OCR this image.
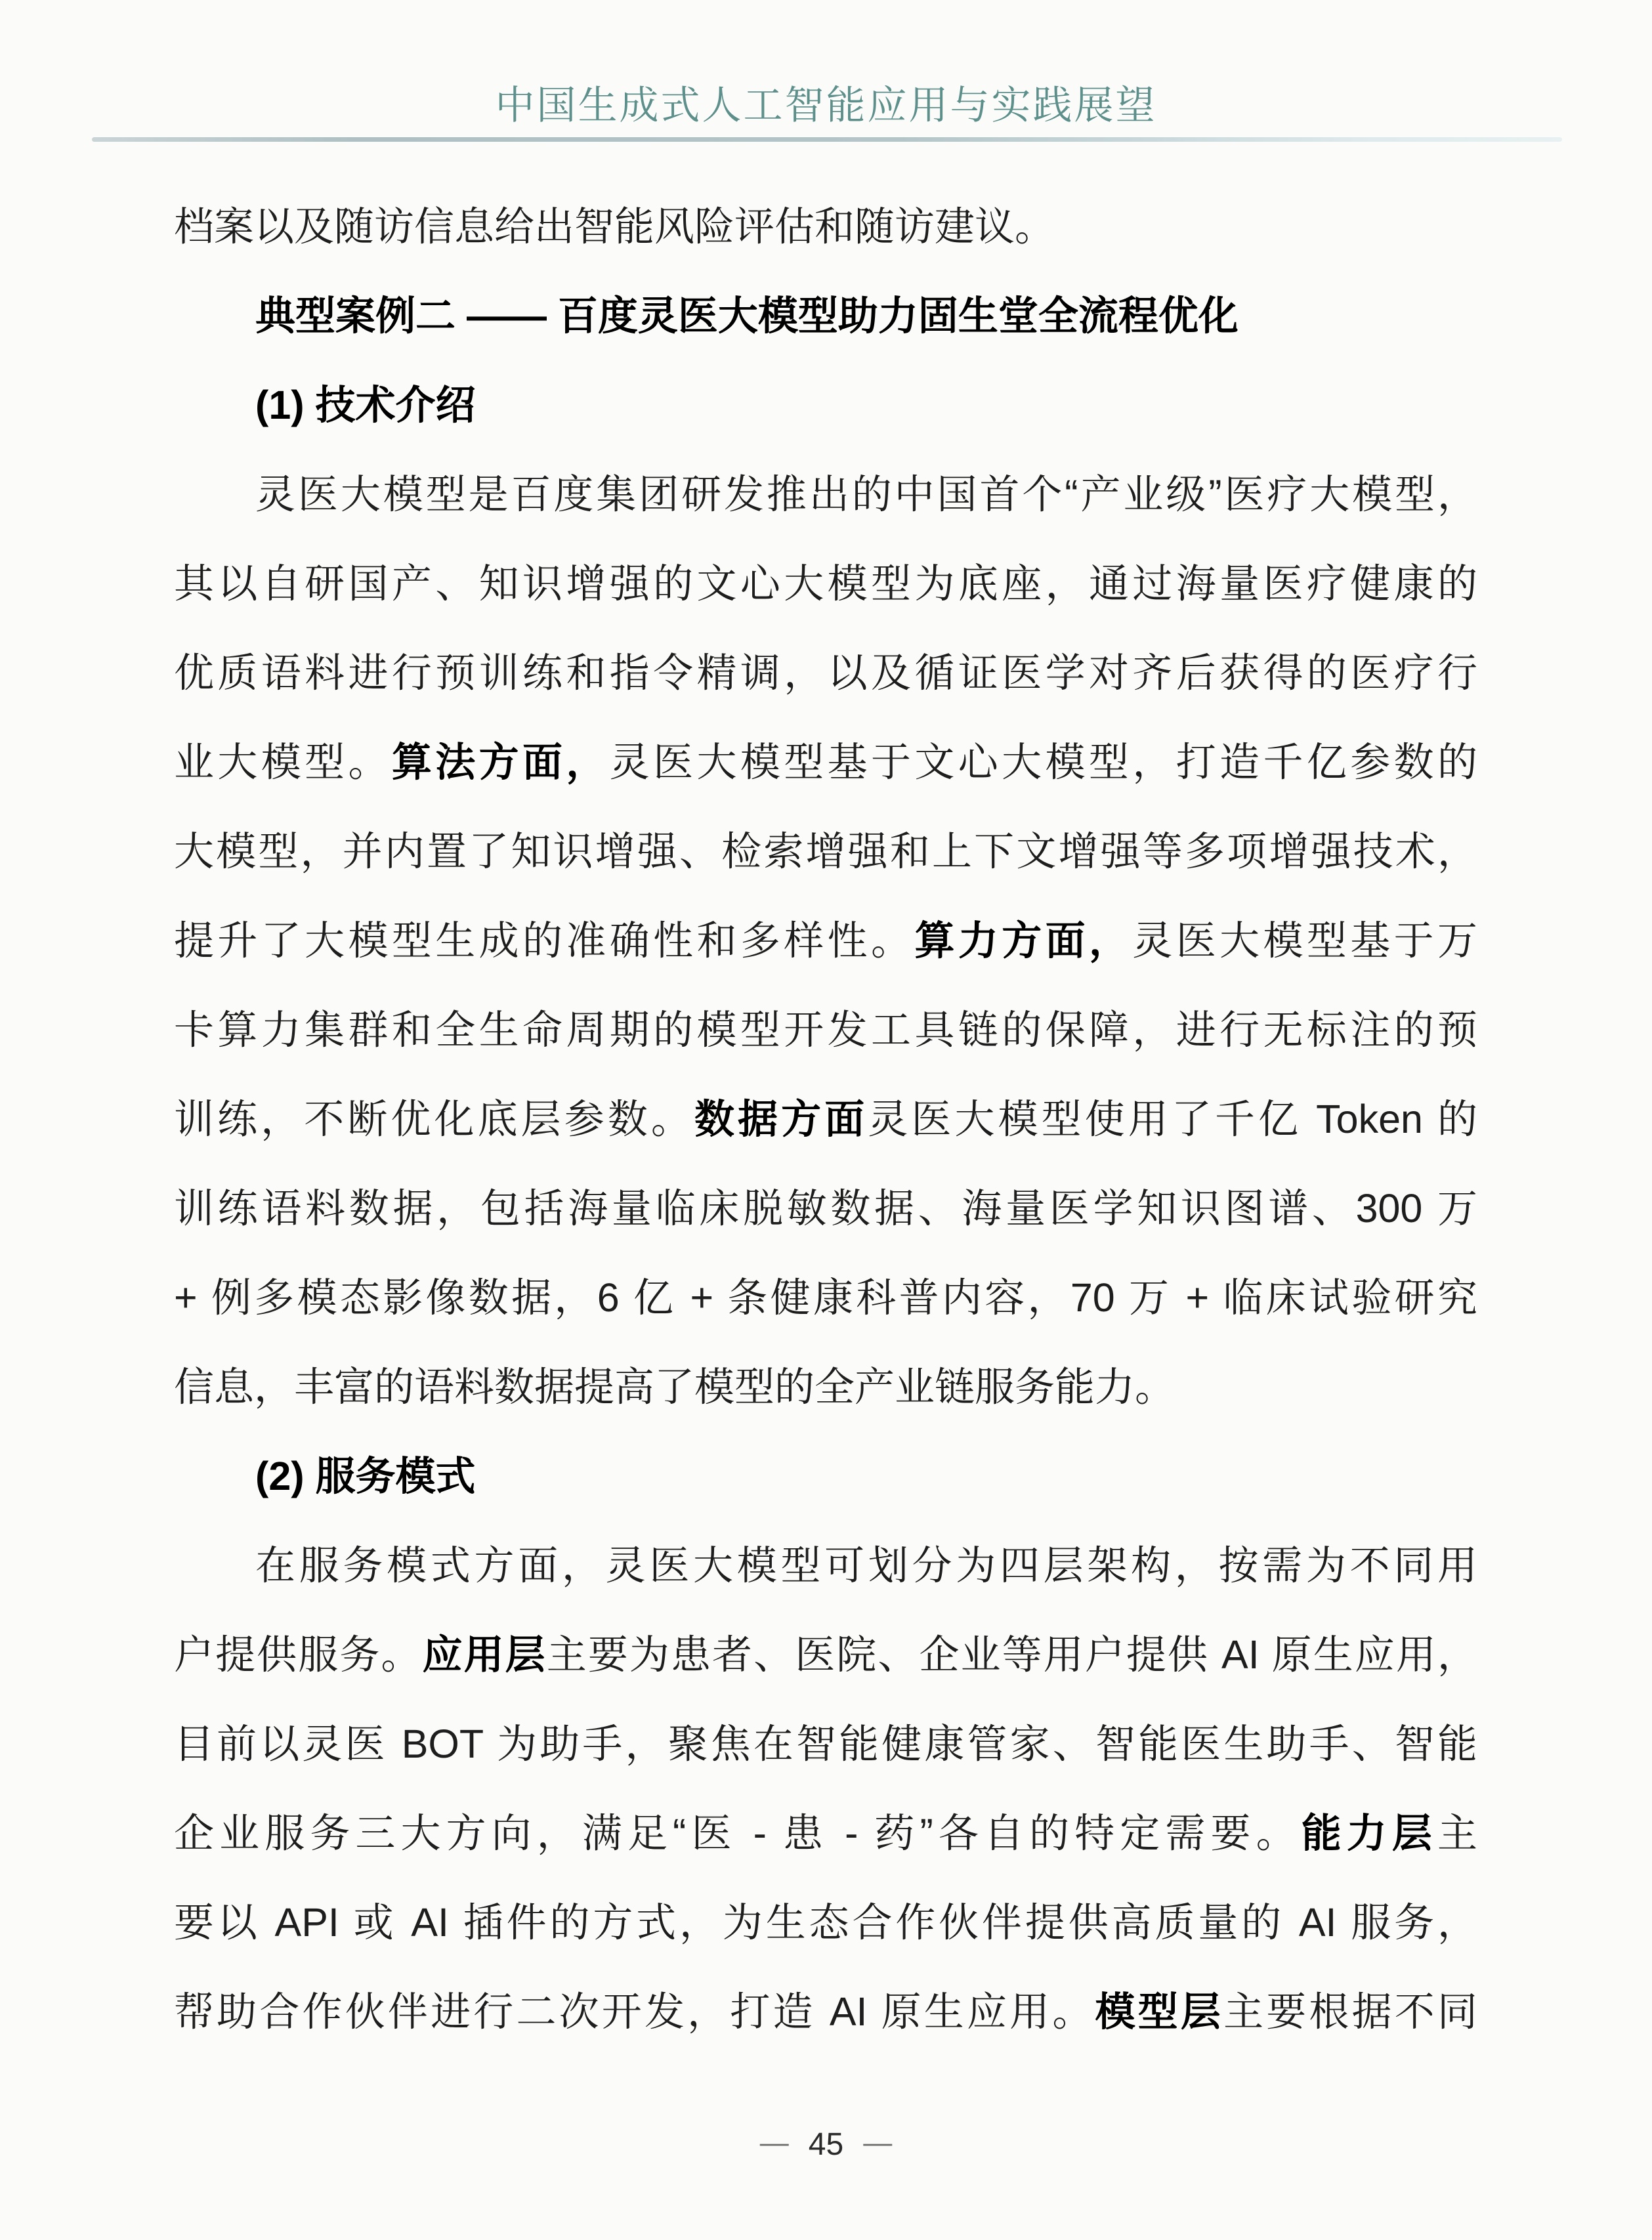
中国生成式人工智能应用与实践展望
档案以及随访信息给出智能风险评估和随访建议。
典型案例二 —— 百度灵医大模型助力固生堂全流程优化
(1) 技术介绍
灵医大模型是百度集团研发推出的中国首个“产业级”医疗大模型，
其以自研国产、知识增强的文心大模型为底座，通过海量医疗健康的
优质语料进行预训练和指令精调，以及循证医学对齐后获得的医疗行
业大模型。算法方面，灵医大模型基于文心大模型，打造千亿参数的
大模型，并内置了知识增强、检索增强和上下文增强等多项增强技术，
提升了大模型生成的准确性和多样性。算力方面，灵医大模型基于万
卡算力集群和全生命周期的模型开发工具链的保障，进行无标注的预
训练，不断优化底层参数。数据方面灵医大模型使用了千亿 Token 的
训练语料数据，包括海量临床脱敏数据、海量医学知识图谱、300 万
+ 例多模态影像数据，6 亿 + 条健康科普内容，70 万 + 临床试验研究
信息，丰富的语料数据提高了模型的全产业链服务能力。
(2) 服务模式
在服务模式方面，灵医大模型可划分为四层架构，按需为不同用
户提供服务。应用层主要为患者、医院、企业等用户提供 AI 原生应用，
目前以灵医 BOT 为助手，聚焦在智能健康管家、智能医生助手、智能
企业服务三大方向，满足“医 - 患 - 药”各自的特定需要。能力层主
要以 API 或 AI 插件的方式，为生态合作伙伴提供高质量的 AI 服务，
帮助合作伙伴进行二次开发，打造 AI 原生应用。模型层主要根据不同
— 45 —
